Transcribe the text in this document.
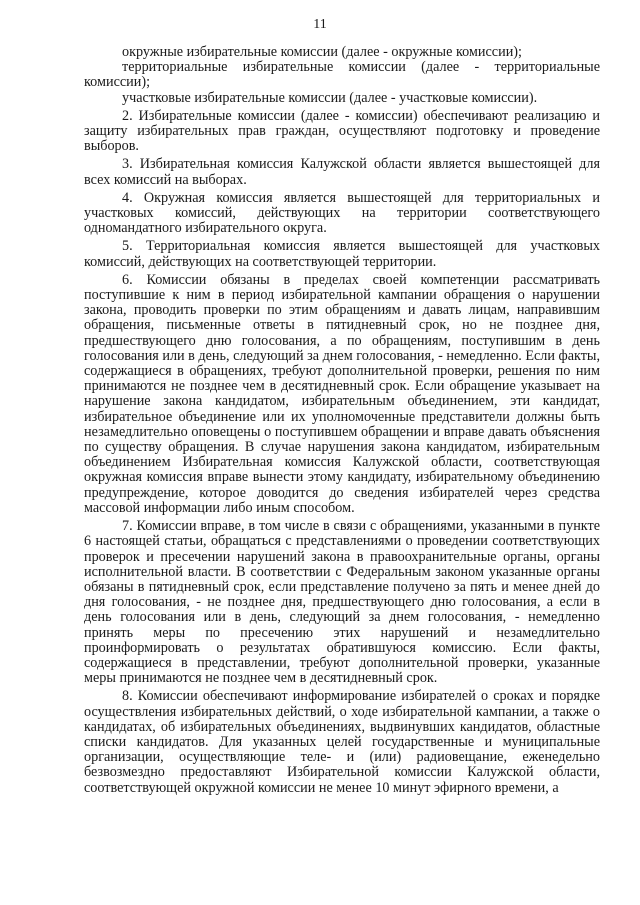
11

окружные избирательные комиссии (далее - окружные комиссии);

территориальные избирательные комиссии (далее - территориальные комиссии);

участковые избирательные комиссии (далее - участковые комиссии).

2. Избирательные комиссии (далее - комиссии) обеспечивают реализацию и защиту избирательных прав граждан, осуществляют подготовку и проведение выборов.

3. Избирательная комиссия Калужской области является вышестоящей для всех комиссий на выборах.

4. Окружная комиссия является вышестоящей для территориальных и участковых комиссий, действующих на территории соответствующего одномандатного избирательного округа.

5. Территориальная комиссия является вышестоящей для участковых комиссий, действующих на соответствующей территории.

6. Комиссии обязаны в пределах своей компетенции рассматривать поступившие к ним в период избирательной кампании обращения о нарушении закона, проводить проверки по этим обращениям и давать лицам, направившим обращения, письменные ответы в пятидневный срок, но не позднее дня, предшествующего дню голосования, а по обращениям, поступившим в день голосования или в день, следующий за днем голосования, - немедленно. Если факты, содержащиеся в обращениях, требуют дополнительной проверки, решения по ним принимаются не позднее чем в десятидневный срок. Если обращение указывает на нарушение закона кандидатом, избирательным объединением, эти кандидат, избирательное объединение или их уполномоченные представители должны быть незамедлительно оповещены о поступившем обращении и вправе давать объяснения по существу обращения. В случае нарушения закона кандидатом, избирательным объединением Избирательная комиссия Калужской области, соответствующая окружная комиссия вправе вынести этому кандидату, избирательному объединению предупреждение, которое доводится до сведения избирателей через средства массовой информации либо иным способом.

7. Комиссии вправе, в том числе в связи с обращениями, указанными в пункте 6 настоящей статьи, обращаться с представлениями о проведении соответствующих проверок и пресечении нарушений закона в правоохранительные органы, органы исполнительной власти. В соответствии с Федеральным законом указанные органы обязаны в пятидневный срок, если представление получено за пять и менее дней до дня голосования, - не позднее дня, предшествующего дню голосования, а если в день голосования или в день, следующий за днем голосования, - немедленно принять меры по пресечению этих нарушений и незамедлительно проинформировать о результатах обратившуюся комиссию. Если факты, содержащиеся в представлении, требуют дополнительной проверки, указанные меры принимаются не позднее чем в десятидневный срок.

8. Комиссии обеспечивают информирование избирателей о сроках и порядке осуществления избирательных действий, о ходе избирательной кампании, а также о кандидатах, об избирательных объединениях, выдвинувших кандидатов, областные списки кандидатов. Для указанных целей государственные и муниципальные организации, осуществляющие теле- и (или) радиовещание, еженедельно безвозмездно предоставляют Избирательной комиссии Калужской области, соответствующей окружной комиссии не менее 10 минут эфирного времени, а
